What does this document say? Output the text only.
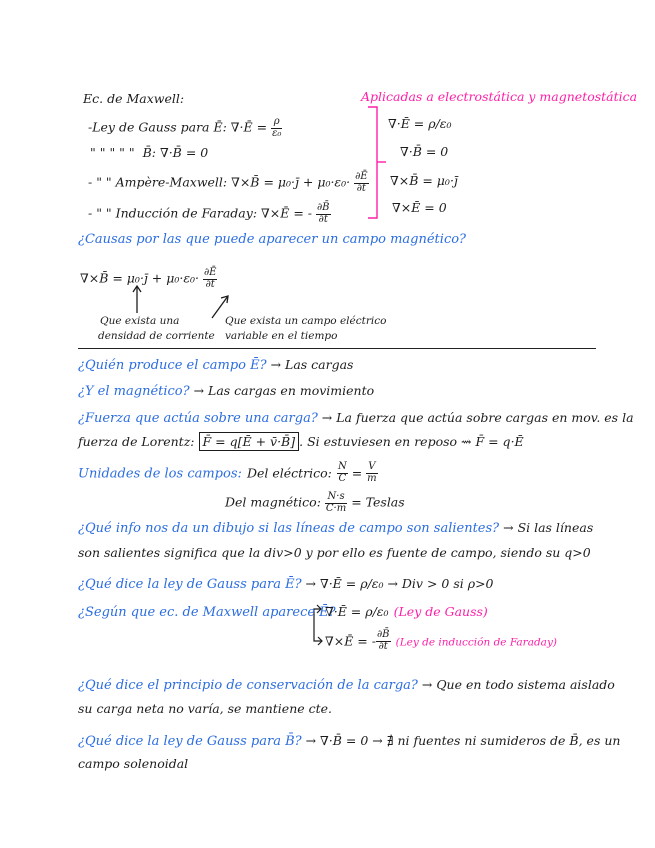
Ec. de Maxwell:	Aplicadas a electrostática y magnetostática
-Ley de Gauss para Ē: ∇·Ē = $\frac{\rho}{\text{ε₀}}$
" " " " " B̄: ∇·B̄ = 0
- " " Ampère-Maxwell: ∇×B̄ = μ₀·j̄ + $\mu_0\cdot\varepsilon_0\cdot \frac{\partial Ē}{\partial t}$
- " " Inducción de Faraday: ∇×Ē = - $\frac{\partial B̄}{\partial t}$
∇·Ē = ρ/ε₀
∇·B̄ = 0
∇×B̄ = μ₀·j̄
∇×Ē = 0
¿Causas por las que puede aparecer un campo magnético?
∇×B̄ = μ₀·j̄ + $\mu_0\cdot\varepsilon_0\cdot \frac{\partial Ē}{\partial t}$
Que exista una
densidad de corriente
Que exista un campo eléctrico
variable en el tiempo
¿Quién produce el campo Ē? → Las cargas
¿Y el magnético? → Las cargas en movimiento
¿Fuerza que actúa sobre una carga? → La fuerza que actúa sobre cargas en mov. es la
fuerza de Lorentz: F̄ = q[Ē + v̄·B̄] . Si estuviesen en reposo ⇝ F̄ = q·Ē
Unidades de los campos: Del eléctrico: $\frac{N}{C} = \frac{V}{m}$
Del magnético: $\frac{N\cdot s}{C\cdot m}$ = Teslas
¿Qué info nos da un dibujo si las líneas de campo son salientes? → Si las líneas
son salientes significa que la div>0 y por ello es fuente de campo, siendo su q>0
¿Qué dice la ley de Gauss para Ē? → ∇·Ē = ρ/ε₀ → Div > 0 si ρ>0
¿Según que ec. de Maxwell aparece Ē?
∇·Ē = ρ/ε₀ (Ley de Gauss)
∇×Ē = - $\frac{\partial B̄}{\partial t} (Ley$ de inducción de Faraday)
¿Qué dice el principio de conservación de la carga? → Que en todo sistema aislado
su carga neta no varía, se mantiene cte.
¿Qué dice la ley de Gauss para B̄? → ∇·B̄ = 0 → ∄ ni fuentes ni sumideros de B̄, es un
campo solenoidal
